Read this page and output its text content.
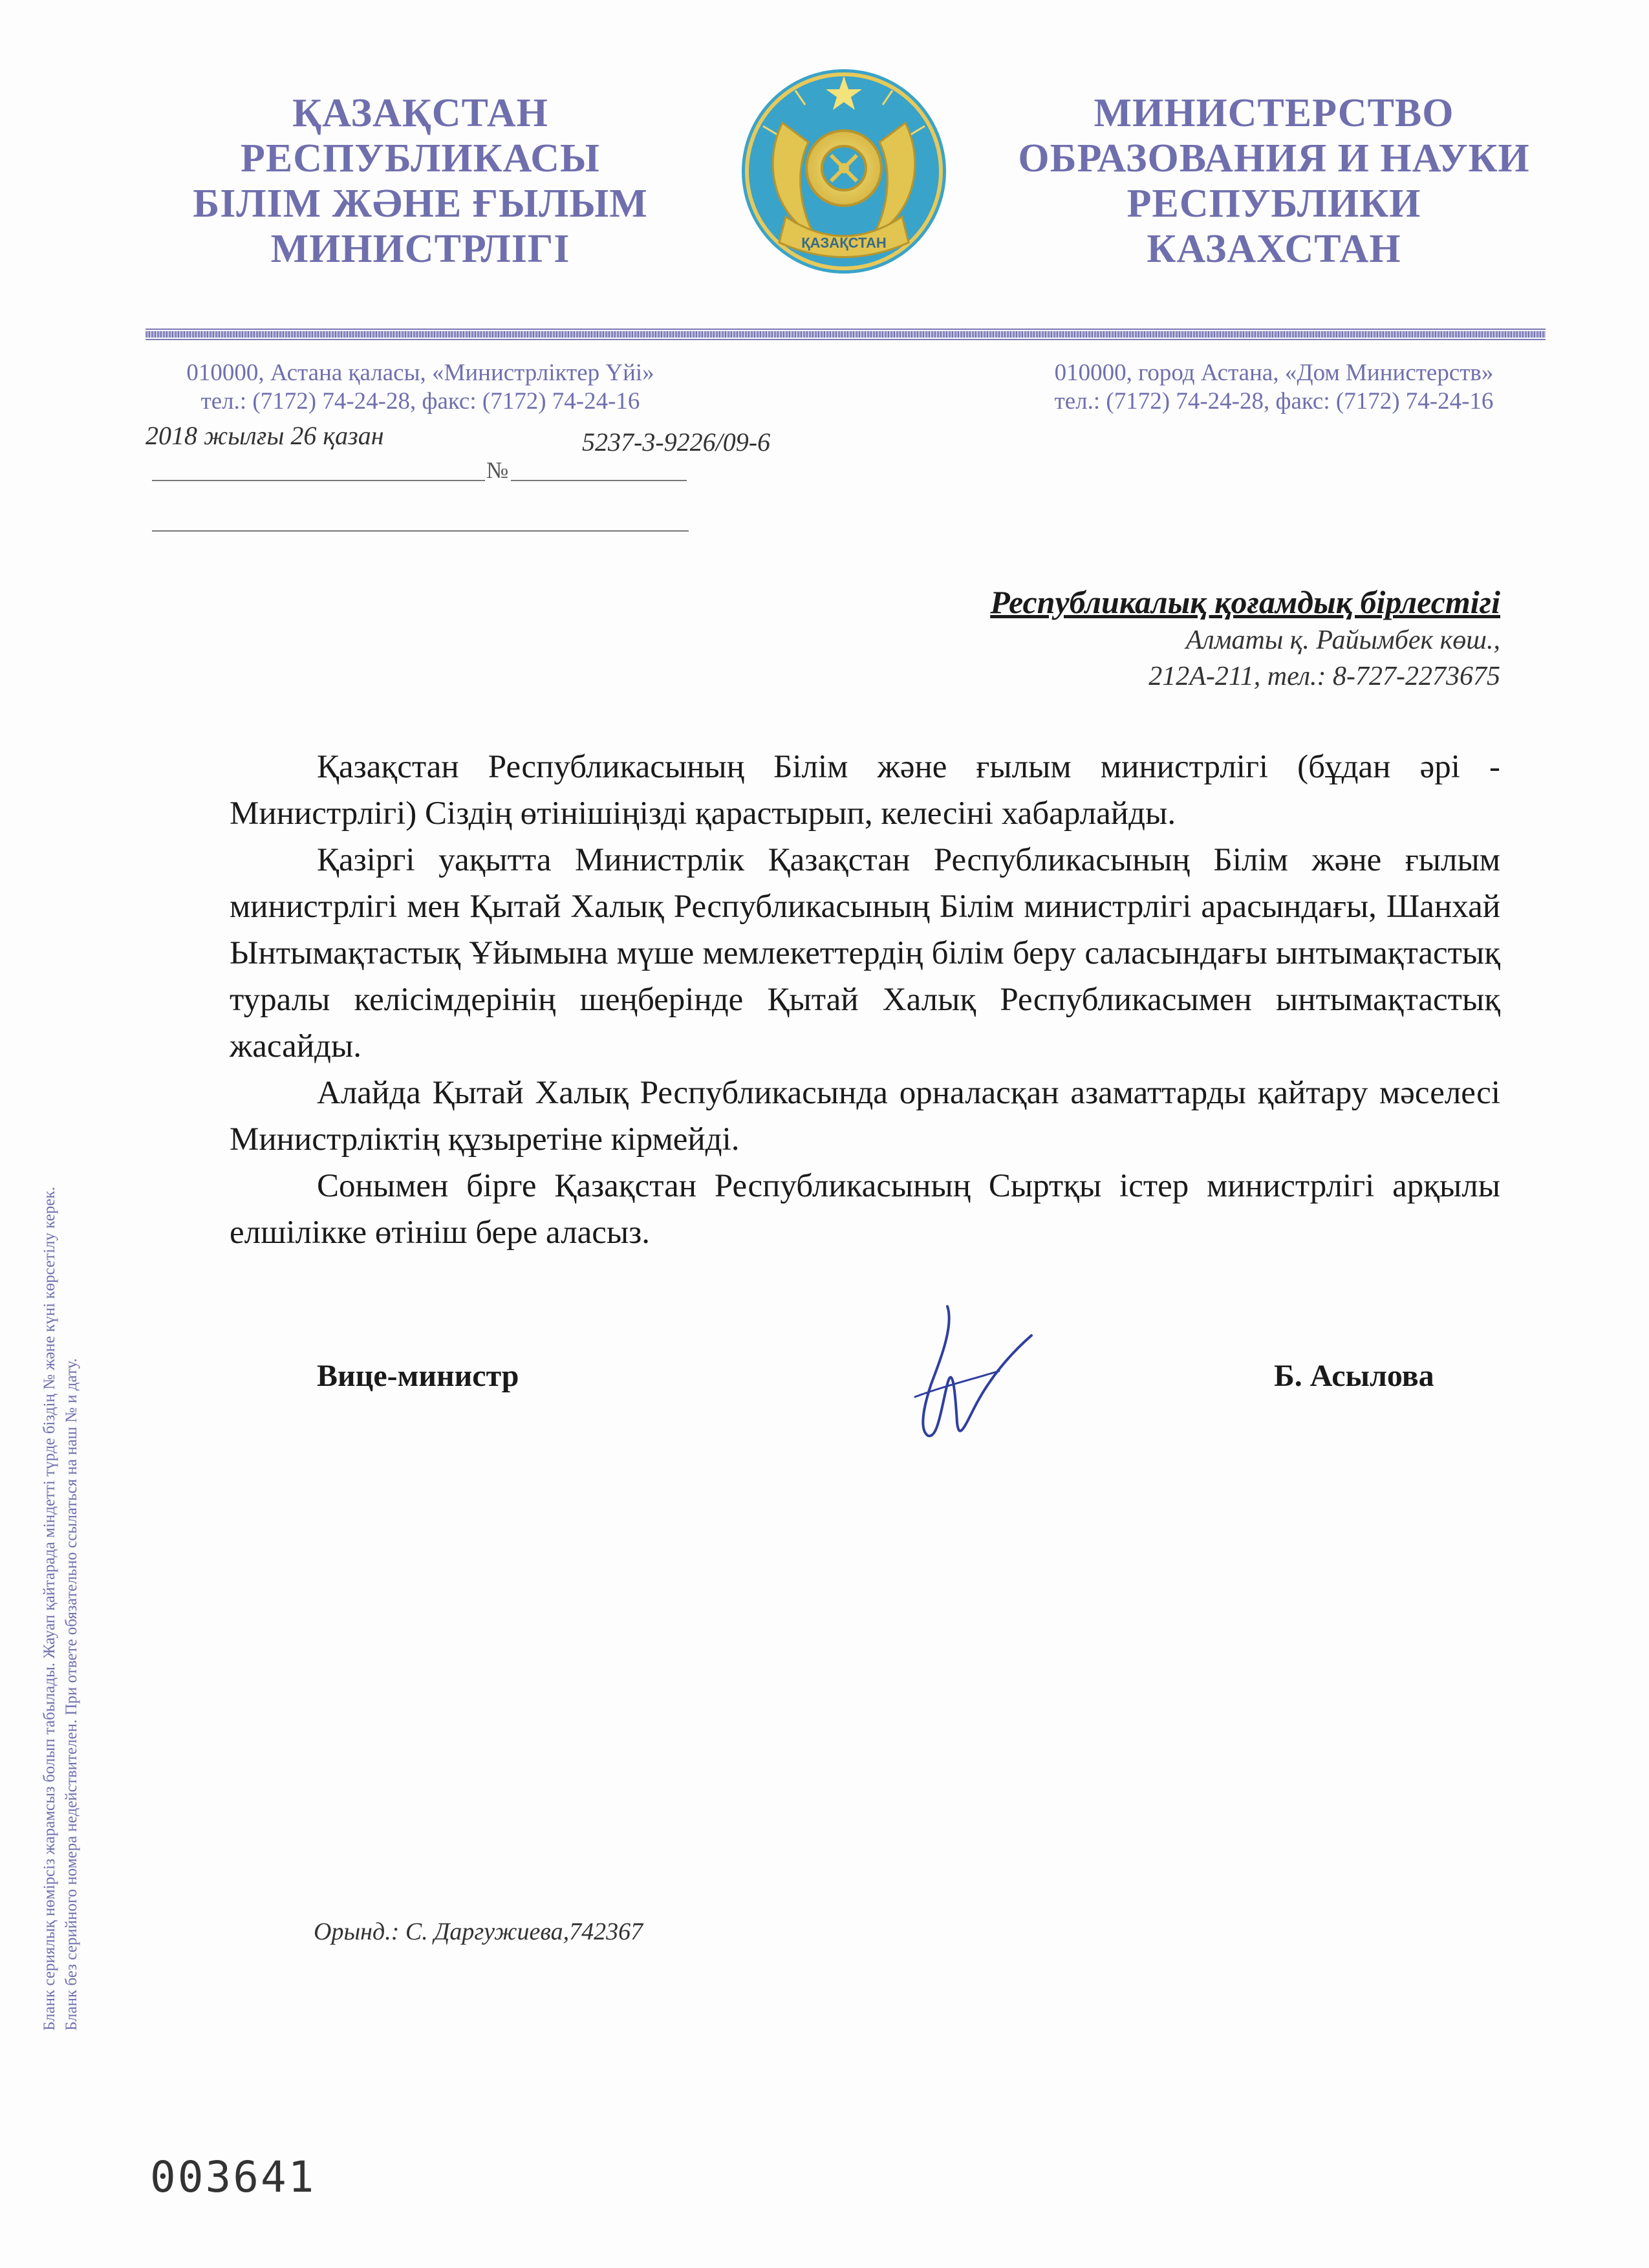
ҚАЗАҚСТАН

РЕСПУБЛИКАСЫ

БІЛІМ ЖӘНЕ ҒЫЛЫМ

МИНИСТРЛІГІ	ҚАЗАҚСТАН

МИНИСТЕРСТВО

ОБРАЗОВАНИЯ И НАУКИ

РЕСПУБЛИКИ

КАЗАХСТАН

010000, Астана қаласы, «Министрліктер Үйі»

тел.: (7172) 74-24-28, факс: (7172) 74-24-16

010000, город Астана, «Дом Министерств»

тел.: (7172) 74-24-28, факс: (7172) 74-24-16

2018 жылғы 26 қазан	5237-3-9226/09-6
№
Республикалық қоғамдық бірлестігі
Алматы қ. Райымбек көш.,
212А-211, тел.: 8-727-2273675

Қазақстан Республикасының Білім және ғылым министрлігі (бұдан әрі - Министрлігі) Сіздің өтінішіңізді қарастырып, келесіні хабарлайды.

Қазіргі уақытта Министрлік Қазақстан Республикасының Білім және ғылым министрлігі мен Қытай Халық Республикасының Білім министрлігі арасындағы, Шанхай Ынтымақтастық Ұйымына мүше мемлекеттердің білім беру саласындағы ынтымақтастық туралы келісімдерінің шеңберінде Қытай Халық Республикасымен ынтымақтастық жасайды.

Алайда Қытай Халық Республикасында орналасқан азаматтарды қайтару мәселесі Министрліктің құзыретіне кірмейді.

Сонымен бірге Қазақстан Республикасының Сыртқы істер министрлігі арқылы елшілікке өтініш бере аласыз.

Вице-министр	Б. Асылова
Орынд.: С. Даргужиева,742367
003641
Бланк сериялық нөмірсіз жарамсыз болып табылады. Жауап қайтарада міндетті түрде біздің № және күні көрсетілу керек. Бланк без серийного номера недействителен. При ответе обязательно ссылаться на наш № и дату.
